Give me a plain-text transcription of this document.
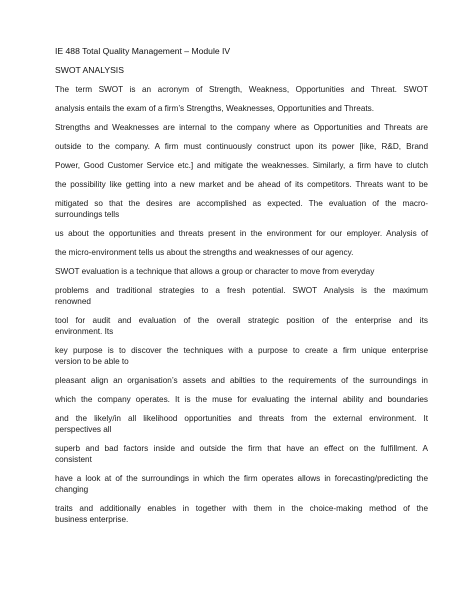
IE 488 Total Quality Management – Module IV
SWOT ANALYSIS
The term SWOT is an acronym of Strength, Weakness, Opportunities and Threat. SWOT
analysis entails the exam of a firm’s Strengths, Weaknesses, Opportunities and Threats.
Strengths and Weaknesses are internal to the company where as Opportunities and Threats are
outside to the company. A firm must continuously construct upon its power [like, R&D, Brand
Power, Good Customer Service etc.] and mitigate the weaknesses. Similarly, a firm have to clutch
the possibility like getting into a new market and be ahead of its competitors. Threats want to be
mitigated so that the desires are accomplished as expected. The evaluation of the macro-
surroundings tells
us about the opportunities and threats present in the environment for our employer. Analysis of
the micro-environment tells us about the strengths and weaknesses of our agency.
SWOT evaluation is a technique that allows a group or character to move from everyday
problems and traditional strategies to a fresh potential. SWOT Analysis is the maximum
renowned
tool for audit and evaluation of the overall strategic position of the enterprise and its
environment. Its
key purpose is to discover the techniques with a purpose to create a firm unique enterprise
version to be able to
pleasant align an organisation’s assets and abilties to the requirements of the surroundings in
which the company operates. It is the muse for evaluating the internal ability and boundaries
and the likely/in all likelihood opportunities and threats from the external environment. It
perspectives all
superb and bad factors inside and outside the firm that have an effect on the fulfillment. A
consistent
have a look at of the surroundings in which the firm operates allows in forecasting/predicting the
changing
traits and additionally enables in together with them in the choice-making method of the
business enterprise.
